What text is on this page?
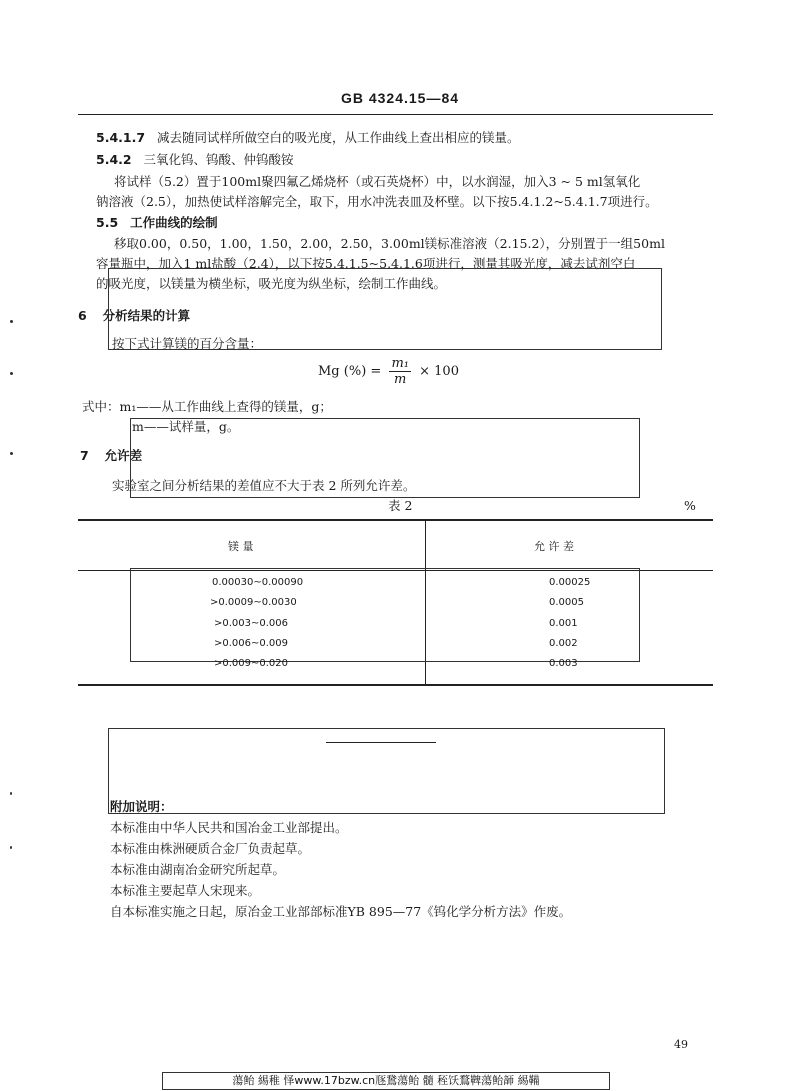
GB 4324.15—84
5.4.1.7 减去随同试样所做空白的吸光度，从工作曲线上查出相应的镁量。
5.4.2 三氧化钨、钨酸、仲钨酸铵
将试样（5.2）置于100ml聚四氟乙烯烧杯（或石英烧杯）中，以水润湿，加入3 ~ 5 ml氢氧化
钠溶液（2.5），加热使试样溶解完全，取下，用水冲洗表皿及杯壁。以下按5.4.1.2~5.4.1.7项进行。
5.5 工作曲线的绘制
移取0.00，0.50，1.00，1.50，2.00，2.50，3.00ml镁标准溶液（2.15.2），分别置于一组50ml
容量瓶中，加入1 ml盐酸（2.4），以下按5.4.1.5~5.4.1.6项进行，测量其吸光度，减去试剂空白
的吸光度，以镁量为横坐标，吸光度为纵坐标，绘制工作曲线。
6 分析结果的计算
按下式计算镁的百分含量：
Mg (%) = $\frac{\text{m₁}}{m} \times 100$
式中：m₁——从工作曲线上查得的镁量，g；
m——试样量，g。
7 允许差
实验室之间分析结果的差值应不大于表 2 所列允许差。
表 2	%
镁 量	允 许 差
0.00030~0.00090	0.00025
>0.0009~0.0030	0.0005
>0.003~0.006	0.001
>0.006~0.009	0.002
>0.009~0.020	0.003
附加说明：
本标准由中华人民共和国冶金工业部提出。
本标准由株洲硬质合金厂负责起草。
本标准由湖南冶金研究所起草。
本标准主要起草人宋现来。
自本标准实施之日起，原冶金工业部部标准YB 895—77《钨化学分析方法》作废。
49
蕩鲐 緆稚 怿www.17bzw.cn豗鵞蕩鲐 髓 秷饫鶩鞞蕩鲐韴 緆鞴
